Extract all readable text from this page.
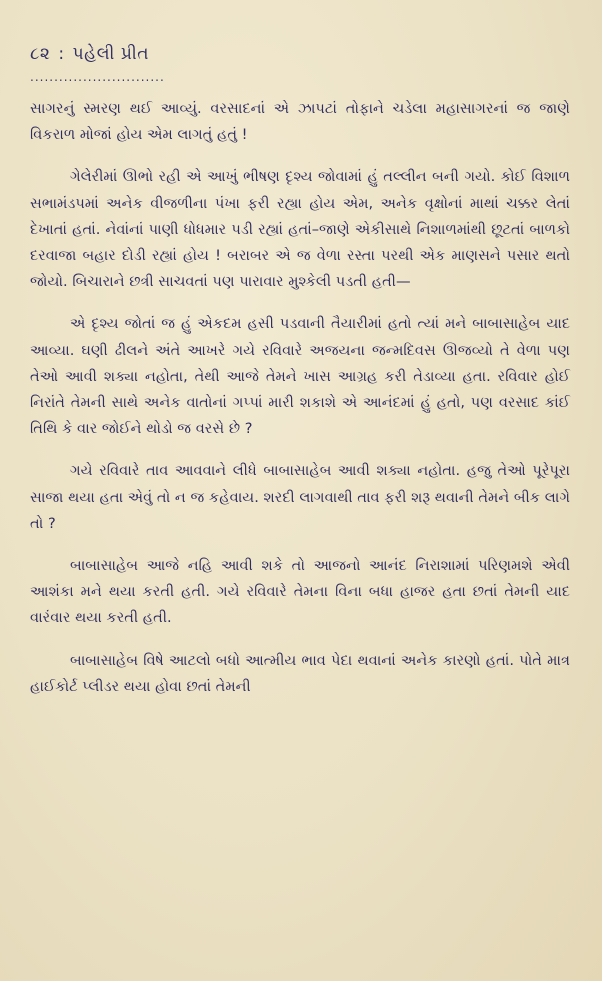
૮૨ : પહેલી પ્રીત
............................

સાગરનું સ્મરણ થઈ આવ્યું. વરસાદનાં એ ઝાપટાં તોફાને ચડેલા મહાસાગરનાં જ જાણે વિકરાળ મોજાં હોય એમ લાગતું હતું !

ગેલેરીમાં ઊભો રહી એ આખું ભીષણ દૃશ્ય જોવામાં હું તલ્લીન બની ગયો. કોઈ વિશાળ સભામંડપમાં અનેક વીજળીના પંખા ફરી રહ્યા હોય એમ, અનેક વૃક્ષોનાં માથાં ચક્કર લેતાં દેખાતાં હતાં. નેવાંનાં પાણી ધોધમાર પડી રહ્યાં હતાં–જાણે એકીસાથે નિશાળમાંથી છૂટતાં બાળકો દરવાજા બહાર દોડી રહ્યાં હોય ! બરાબર એ જ વેળા રસ્તા પરથી એક માણસને પસાર થતો જોયો. બિચારાને છત્રી સાચવતાં પણ પારાવાર મુશ્કેલી પડતી હતી—

એ દૃશ્ય જોતાં જ હું એકદમ હસી પડવાની તૈયારીમાં હતો ત્યાં મને બાબાસાહેબ યાદ આવ્યા. ઘણી ઢીલને અંતે આખરે ગયે રવિવારે અજયના જન્મદિવસ ઊજવ્યો તે વેળા પણ તેઓ આવી શક્યા નહોતા, તેથી આજે તેમને ખાસ આગ્રહ કરી તેડાવ્યા હતા. રવિવાર હોઈ નિરાંતે તેમની સાથે અનેક વાતોનાં ગપ્પાં મારી શકાશે એ આનંદમાં હું હતો, પણ વરસાદ કાંઈ તિથિ કે વાર જોઈને થોડો જ વરસે છે ?

ગયે રવિવારે તાવ આવવાને લીધે બાબાસાહેબ આવી શક્યા નહોતા. હજુ તેઓ પૂરેપૂરા સાજા થયા હતા એવું તો ન જ કહેવાય. શરદી લાગવાથી તાવ ફરી શરૂ થવાની તેમને બીક લાગે તો ?

બાબાસાહેબ આજે નહિ આવી શકે તો આજનો આનંદ નિરાશામાં પરિણમશે એવી આશંકા મને થયા કરતી હતી. ગયે રવિવારે તેમના વિના બધા હાજર હતા છતાં તેમની યાદ વારંવાર થયા કરતી હતી.

બાબાસાહેબ વિષે આટલો બધો આત્મીય ભાવ પેદા થવાનાં અનેક કારણો હતાં. પોતે માત્ર હાઈકોર્ટ પ્લીડર થયા હોવા છતાં તેમની
